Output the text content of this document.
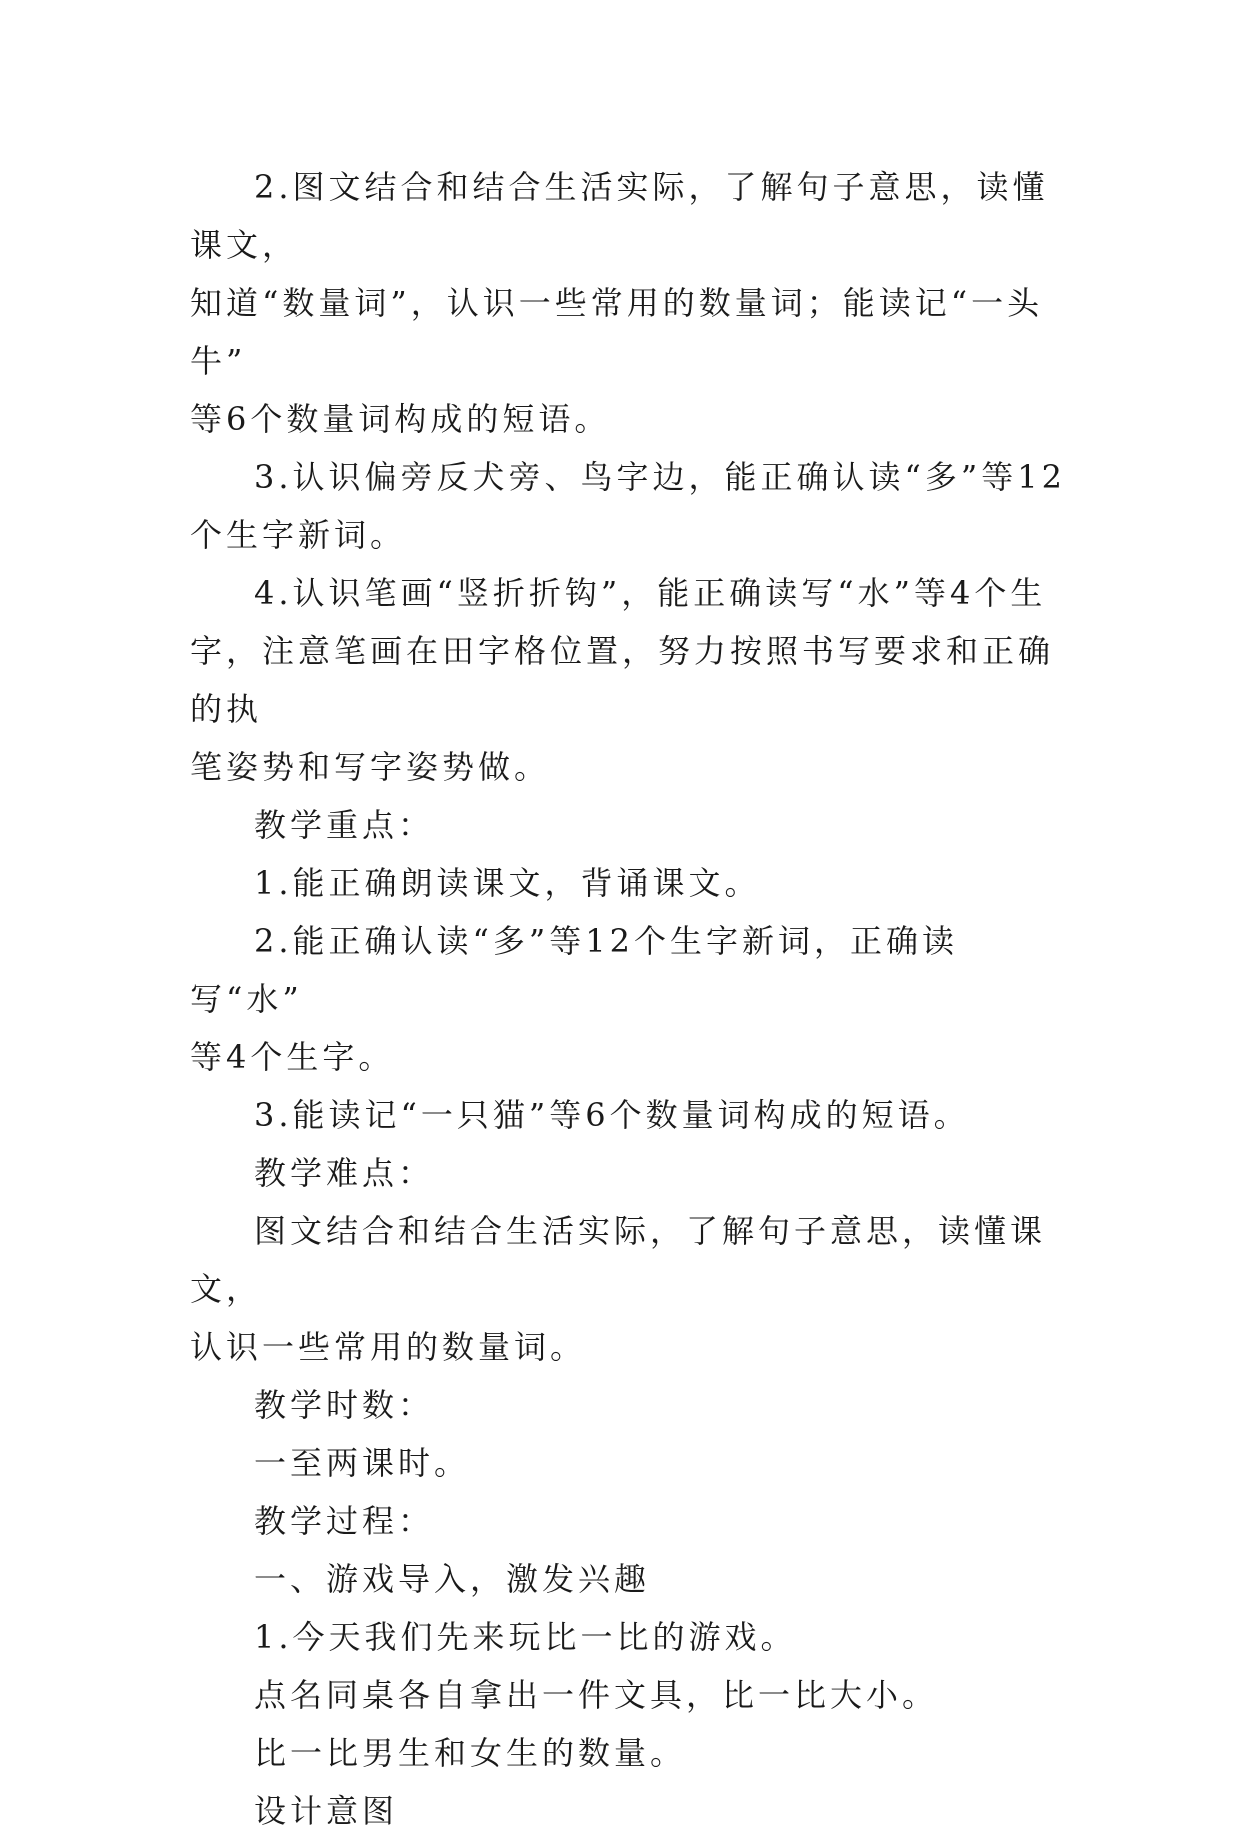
2.图文结合和结合生活实际，了解句子意思，读懂课文，
知道“数量词”，认识一些常用的数量词；能读记“一头牛”
等6个数量词构成的短语。

3.认识偏旁反犬旁、鸟字边，能正确认读“多”等12
个生字新词。

4.认识笔画“竖折折钩”，能正确读写“水”等4个生
字，注意笔画在田字格位置，努力按照书写要求和正确的执
笔姿势和写字姿势做。

教学重点：

1.能正确朗读课文，背诵课文。

2.能正确认读“多”等12个生字新词，正确读写“水”
等4个生字。

3.能读记“一只猫”等6个数量词构成的短语。

教学难点：

图文结合和结合生活实际，了解句子意思，读懂课文，
认识一些常用的数量词。

教学时数：

一至两课时。

教学过程：

一、游戏导入，激发兴趣

1.今天我们先来玩比一比的游戏。

点名同桌各自拿出一件文具，比一比大小。

比一比男生和女生的数量。

设计意图
